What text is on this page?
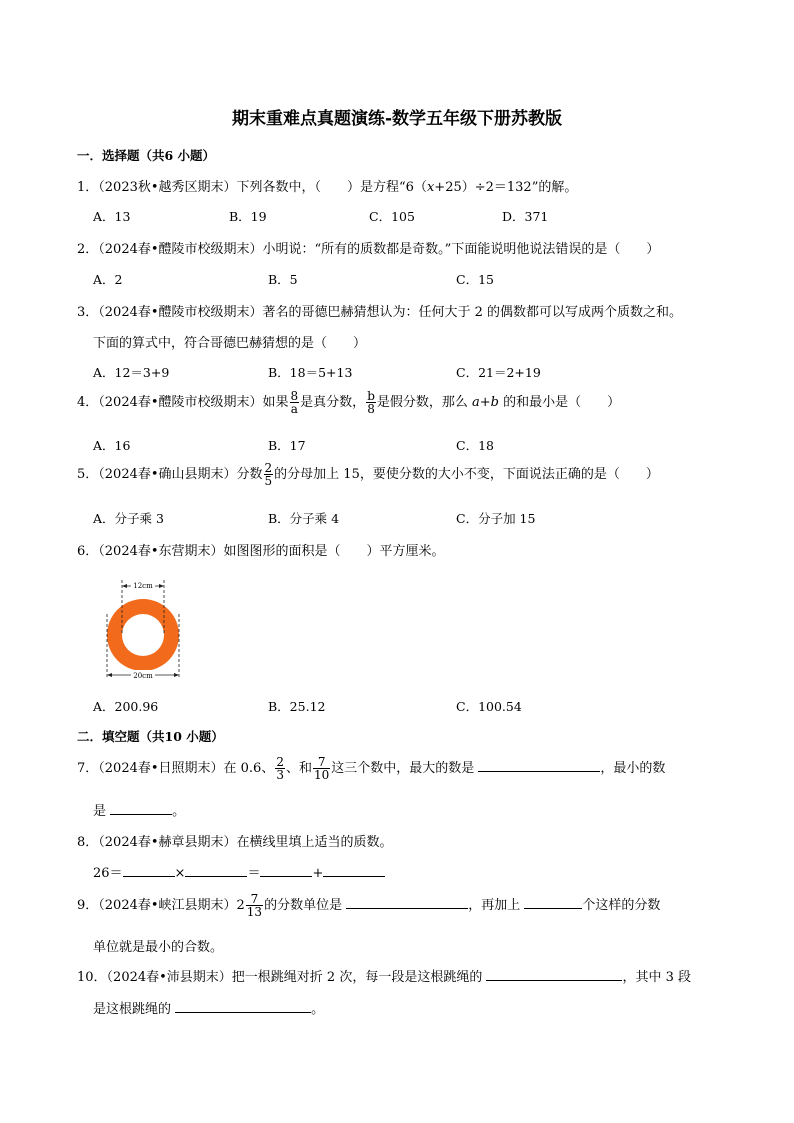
期末重难点真题演练-数学五年级下册苏教版
一．选择题（共6 小题）
1．（2023秋•越秀区期末）下列各数中，（　　）是方程“6（x+25）÷2＝132”的解。
A．13	B．19	C．105	D．371
2．（2024春•醴陵市校级期末）小明说：“所有的质数都是奇数。”下面能说明他说法错误的是（　　）
A．2	B．5	C．15
3．（2024春•醴陵市校级期末）著名的哥德巴赫猜想认为：任何大于 2 的偶数都可以写成两个质数之和。
下面的算式中，符合哥德巴赫猜想的是（　　）
A．12＝3+9	B．18＝5+13	C．21＝2+19
4．（2024春•醴陵市校级期末）如果 $\frac{8}{a}$ 是真分数， $\frac{b}{8}$ 是假分数，那么 a+b 的和最小是（　　）
A．16	B．17	C．18
5．（2024春•确山县期末）分数 $\frac{2}{5}$ 的分母加上 15，要使分数的大小不变，下面说法正确的是（　　）
A．分子乘 3	B．分子乘 4	C．分子加 15
6．（2024春•东营期末）如图图形的面积是（　　）平方厘米。
12cm
20cm
A．200.96	B．25.12	C．100.54
二．填空题（共10 小题）
7．（2024春•日照期末）在 0.6、 $\frac{2}{3}$ 、和 $\frac{7}{10}$ 这三个数中，最大的数是	，最小的数
是	。
8．（2024春•赫章县期末）在横线里填上适当的质数。
26＝	×	＝	+
9．（2024春•峡江县期末）$2 \frac{7}{13}$ 的分数单位是	，再加上	个这样的分数
单位就是最小的合数。
10．（2024春•沛县期末）把一根跳绳对折 2 次，每一段是这根跳绳的	，其中 3 段
是这根跳绳的	。
